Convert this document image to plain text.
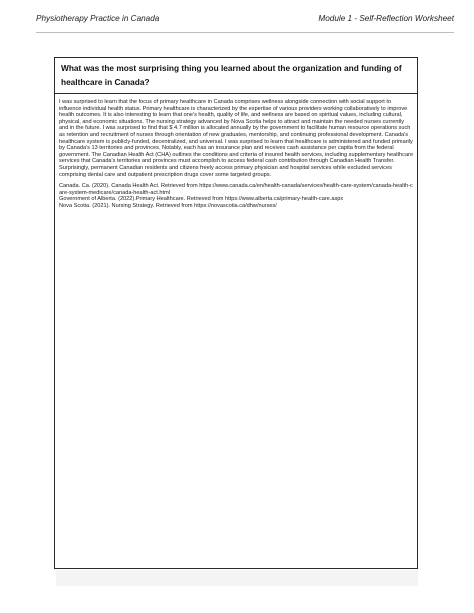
Physiotherapy Practice in Canada	Module 1 - Self-Reflection Worksheet
What was the most surprising thing you learned about the organization and funding of healthcare in Canada?

I was surprised to learn that the focus of primary healthcare in Canada comprises wellness alongside connection with social support to influence individual health status. Primary healthcare is characterized by the expertise of various providers working collaboratively to improve health outcomes. It is also interesting to learn that one's health, quality of life, and wellness are based on spiritual values, including cultural, physical, and economic situations. The nursing strategy advanced by Nova Scotia helps to attract and maintain the needed nurses currently and in the future. I was surprised to find that $ 4.7 million is allocated annually by the government to facilitate human resource operations such as retention and recruitment of nurses through orientation of new graduates, mentorship, and continuing professional development. Canada's healthcare system is publicly-funded, decentralized, and universal. I was surprised to learn that healthcare is administered and funded primarily by Canada's 13 territories and provinces. Notably, each has an insurance plan and receives cash assistance per capita from the federal government. The Canadian Health Act (CHA) outlines the conditions and criteria of insured health services, including supplementary healthcare services that Canada's territories and provinces must accomplish to access federal cash contribution through Canadian Health Transfer. Surprisingly, permanent Canadian residents and citizens freely access primary physician and hospital services while excluded services comprising dental care and outpatient prescription drugs cover some targeted groups.

Canada. Ca. (2020). Canada Health Act. Retrieved from https://www.canada.ca/en/health-canada/services/health-care-system/canada-health-care-system-medicare/canada-health-act.html
Government of Alberta. (2022).Primary Healthcare. Retrieved from https://www.alberta.ca/primary-health-care.aspx
Nova Scotia. (2021). Nursing Strategy. Retrieved from https://novascotia.ca/dhw/nurses/
